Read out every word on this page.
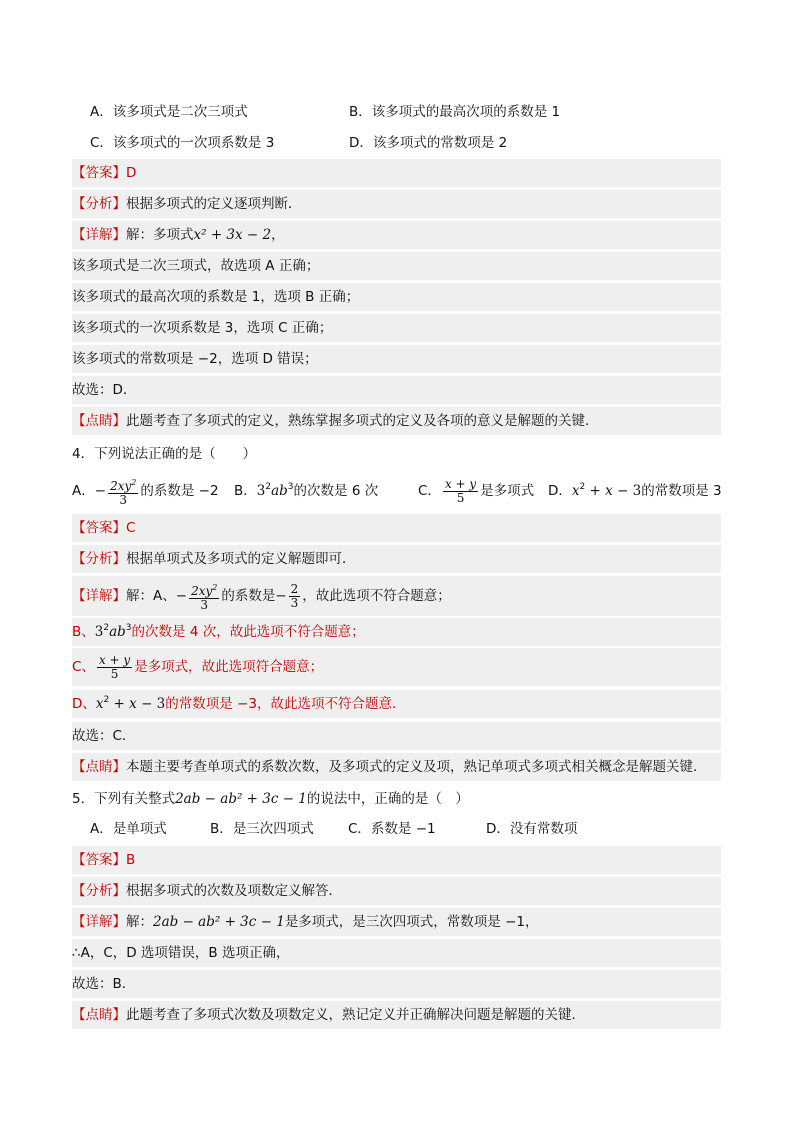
A．该多项式是二次三项式	B．该多项式的最高次项的系数是 1
C．该多项式的一次项系数是 3	D．该多项式的常数项是 2
【答案】D
【分析】根据多项式的定义逐项判断．
【详解】解：多项式x² + 3x − 2，
该多项式是二次三项式，故选项 A 正确；
该多项式的最高次项的系数是 1，选项 B 正确；
该多项式的一次项系数是 3，选项 C 正确；
该多项式的常数项是 −2，选项 D 错误；
故选：D．
【点睛】此题考查了多项式的定义，熟练掌握多项式的定义及各项的意义是解题的关键．
4．下列说法正确的是（　　）
A．− $\frac{2xy^2}{3}$ 的系数是 −2 B．$3^2ab^3$的次数是 6 次	C． $\frac{x + y}{5}$ 是多项式 D．$x^2 + x - 3$的常数项是 3
【答案】C
【分析】根据单项式及多项式的定义解题即可．
【详解】解：A、− $\frac{2xy^2}{3}$ 的系数是− $\frac{2}{3}$ ，故此选项不符合题意；
B、$3^2ab^3$的次数是 4 次，故此选项不符合题意；
C、 $\frac{x + y}{5}$ 是多项式，故此选项符合题意；
D、$x^2 + x - 3$的常数项是 −3，故此选项不符合题意．
故选：C．
【点睛】本题主要考查单项式的系数次数，及多项式的定义及项，熟记单项式多项式相关概念是解题关键．
5．下列有关整式2ab − ab² + 3c − 1的说法中，正确的是（　）
A．是单项式	B．是三次四项式	C．系数是 −1	D．没有常数项
【答案】B
【分析】根据多项式的次数及项数定义解答．
【详解】解：2ab − ab² + 3c − 1是多项式，是三次四项式，常数项是 −1，
∴A，C，D 选项错误，B 选项正确，
故选：B．
【点睛】此题考查了多项式次数及项数定义，熟记定义并正确解决问题是解题的关键．
